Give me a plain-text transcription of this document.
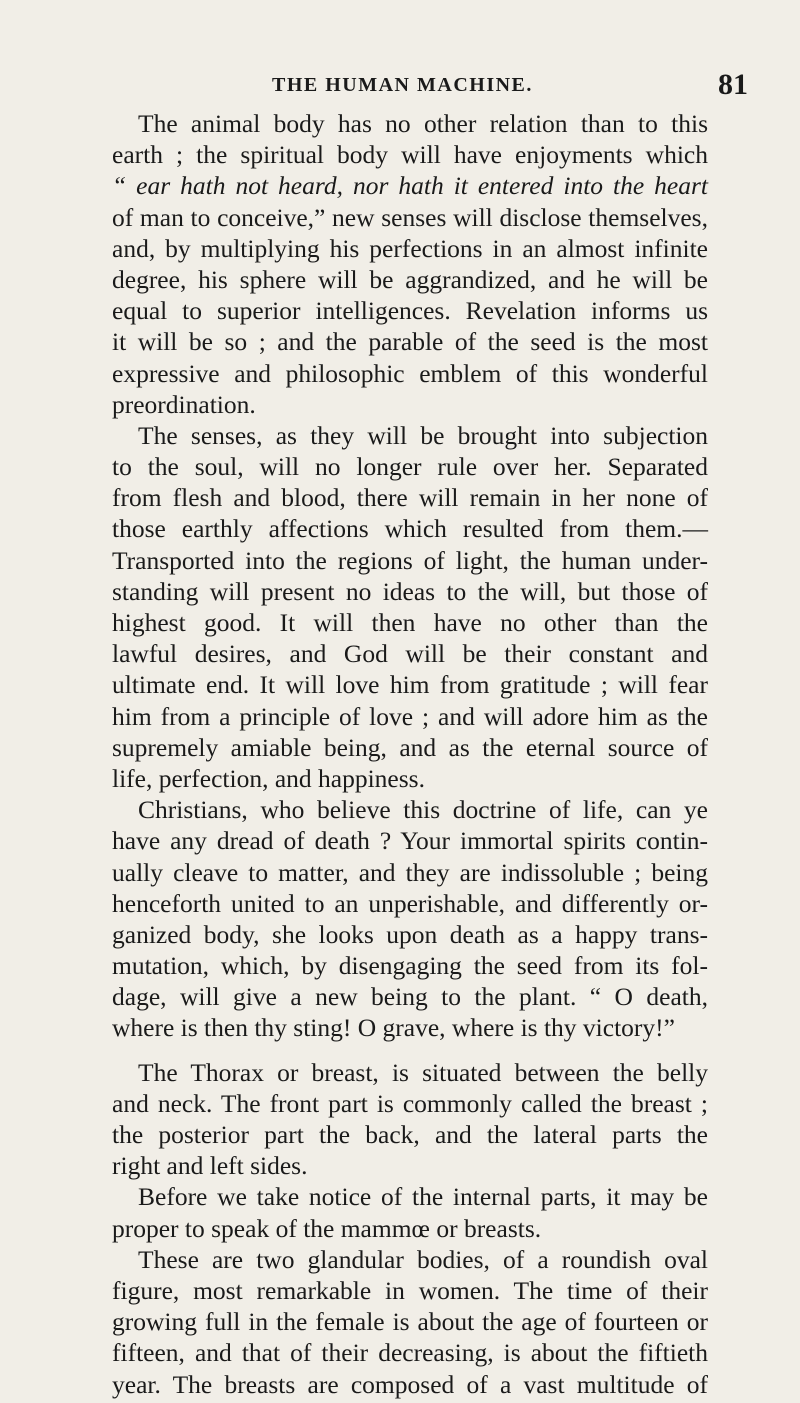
THE HUMAN MACHINE.	81
The animal body has no other relation than to this
earth ; the spiritual body will have enjoyments which
“ ear hath not heard, nor hath it entered into the heart
of man to conceive,” new senses will disclose themselves,
and, by multiplying his perfections in an almost infinite
degree, his sphere will be aggrandized, and he will be
equal to superior intelligences. Revelation informs us
it will be so ; and the parable of the seed is the most
expressive and philosophic emblem of this wonderful
preordination.
The senses, as they will be brought into subjection
to the soul, will no longer rule over her. Separated
from flesh and blood, there will remain in her none of
those earthly affections which resulted from them.—
Transported into the regions of light, the human under-
standing will present no ideas to the will, but those of
highest good. It will then have no other than the
lawful desires, and God will be their constant and
ultimate end. It will love him from gratitude ; will fear
him from a principle of love ; and will adore him as the
supremely amiable being, and as the eternal source of
life, perfection, and happiness.
Christians, who believe this doctrine of life, can ye
have any dread of death ? Your immortal spirits contin-
ually cleave to matter, and they are indissoluble ; being
henceforth united to an unperishable, and differently or-
ganized body, she looks upon death as a happy trans-
mutation, which, by disengaging the seed from its fol-
dage, will give a new being to the plant. “ O death,
where is then thy sting! O grave, where is thy victory!”
The Thorax or breast, is situated between the belly
and neck. The front part is commonly called the breast ;
the posterior part the back, and the lateral parts the
right and left sides.
Before we take notice of the internal parts, it may be
proper to speak of the mammœ or breasts.
These are two glandular bodies, of a roundish oval
figure, most remarkable in women. The time of their
growing full in the female is about the age of fourteen or
fifteen, and that of their decreasing, is about the fiftieth
year. The breasts are composed of a vast multitude of
